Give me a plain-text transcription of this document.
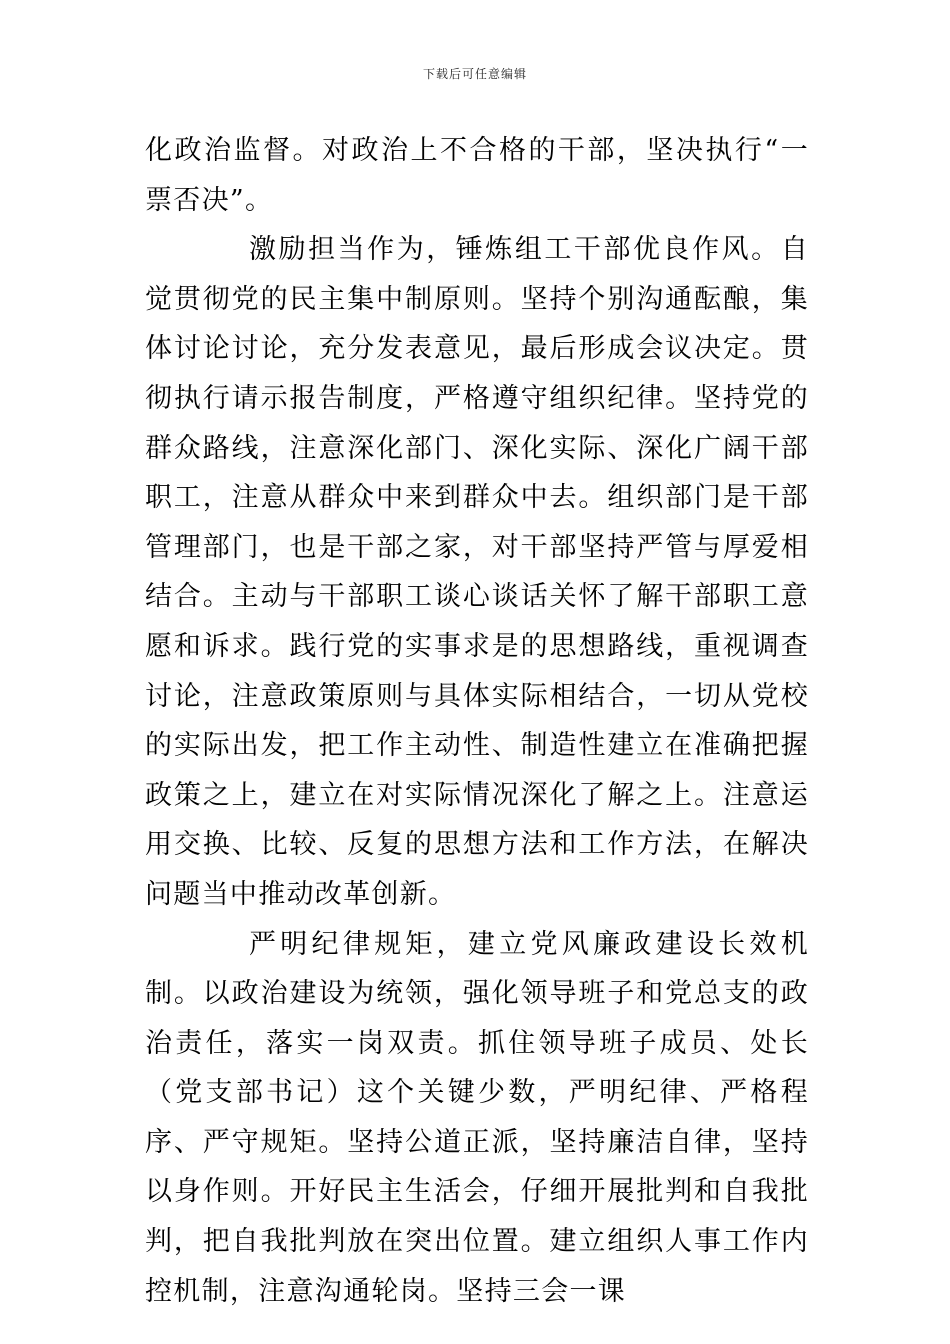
下载后可任意编辑

化政治监督。对政治上不合格的干部，坚决执行“一票否决”。

激励担当作为，锤炼组工干部优良作风。自觉贯彻党的民主集中制原则。坚持个别沟通酝酿，集体讨论讨论，充分发表意见，最后形成会议决定。贯彻执行请示报告制度，严格遵守组织纪律。坚持党的群众路线，注意深化部门、深化实际、深化广阔干部职工，注意从群众中来到群众中去。组织部门是干部管理部门，也是干部之家，对干部坚持严管与厚爱相结合。主动与干部职工谈心谈话关怀了解干部职工意愿和诉求。践行党的实事求是的思想路线，重视调查讨论，注意政策原则与具体实际相结合，一切从党校的实际出发，把工作主动性、制造性建立在准确把握政策之上，建立在对实际情况深化了解之上。注意运用交换、比较、反复的思想方法和工作方法，在解决问题当中推动改革创新。

严明纪律规矩，建立党风廉政建设长效机制。以政治建设为统领，强化领导班子和党总支的政治责任，落实一岗双责。抓住领导班子成员、处长（党支部书记）这个关键少数，严明纪律、严格程序、严守规矩。坚持公道正派，坚持廉洁自律，坚持以身作则。开好民主生活会，仔细开展批判和自我批判，把自我批判放在突出位置。建立组织人事工作内控机制，注意沟通轮岗。坚持三会一课
